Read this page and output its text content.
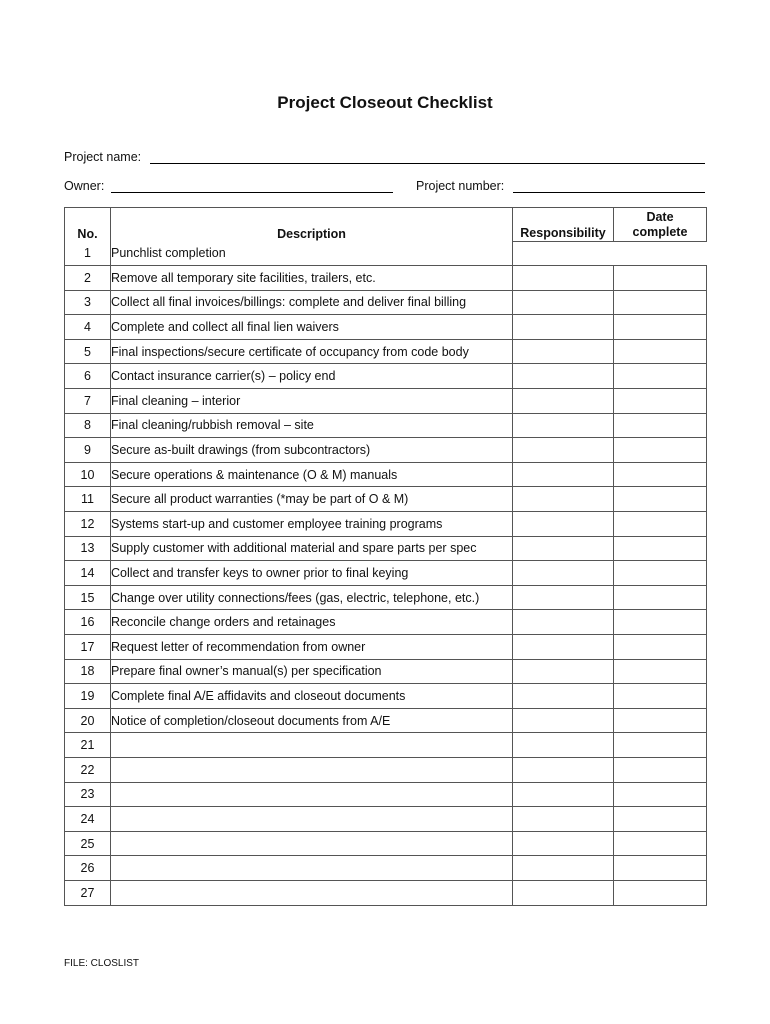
Project Closeout Checklist
Project name:
Owner:	Project number:
No.	Description	Responsibility	Date
complete

1	Punchlist completion		
2	Remove all temporary site facilities, trailers, etc.		
3	Collect all final invoices/billings: complete and deliver final billing		
4	Complete and collect all final lien waivers		
5	Final inspections/secure certificate of occupancy from code body		
6	Contact insurance carrier(s) – policy end		
7	Final cleaning – interior		
8	Final cleaning/rubbish removal – site		
9	Secure as-built drawings (from subcontractors)		
10	Secure operations & maintenance (O & M) manuals		
11	Secure all product warranties (*may be part of O & M)		
12	Systems start-up and customer employee training programs		
13	Supply customer with additional material and spare parts per spec		
14	Collect and transfer keys to owner prior to final keying		
15	Change over utility connections/fees (gas, electric, telephone, etc.)		
16	Reconcile change orders and retainages		
17	Request letter of recommendation from owner		
18	Prepare final owner’s manual(s) per specification		
19	Complete final A/E affidavits and closeout documents		
20	Notice of completion/closeout documents from A/E		
21			
22			
23			
24			
25			
26			
27			
FILE: CLOSLIST
